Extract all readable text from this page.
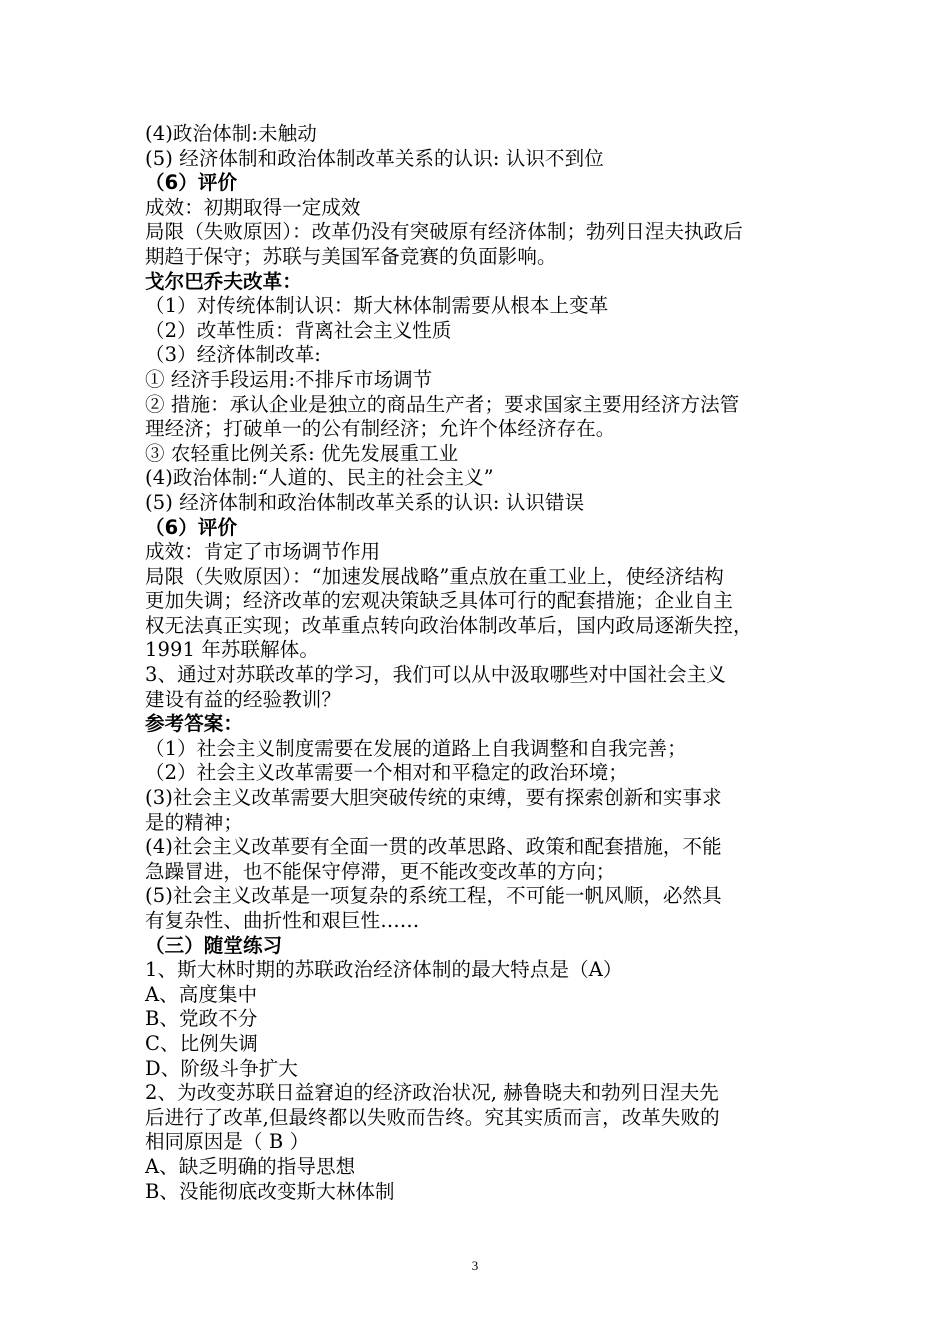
(4)政治体制:未触动
(5) 经济体制和政治体制改革关系的认识: 认识不到位
（6）评价
成效：初期取得一定成效
局限（失败原因）：改革仍没有突破原有经济体制；勃列日涅夫执政后
期趋于保守；苏联与美国军备竞赛的负面影响。
戈尔巴乔夫改革：
（1）对传统体制认识：斯大林体制需要从根本上变革
（2）改革性质：背离社会主义性质
（3）经济体制改革:
① 经济手段运用:不排斥市场调节
② 措施：承认企业是独立的商品生产者；要求国家主要用经济方法管
理经济；打破单一的公有制经济；允许个体经济存在。
③ 农轻重比例关系: 优先发展重工业
(4)政治体制:“人道的、民主的社会主义”
(5) 经济体制和政治体制改革关系的认识: 认识错误
（6）评价
成效：肯定了市场调节作用
局限（失败原因）：“加速发展战略”重点放在重工业上，使经济结构
更加失调；经济改革的宏观决策缺乏具体可行的配套措施；企业自主
权无法真正实现；改革重点转向政治体制改革后，国内政局逐渐失控，
1991 年苏联解体。
3、通过对苏联改革的学习，我们可以从中汲取哪些对中国社会主义
建设有益的经验教训？
参考答案：
（1）社会主义制度需要在发展的道路上自我调整和自我完善；
（2）社会主义改革需要一个相对和平稳定的政治环境；
(3)社会主义改革需要大胆突破传统的束缚，要有探索创新和实事求
是的精神；
(4)社会主义改革要有全面一贯的改革思路、政策和配套措施，不能
急躁冒进，也不能保守停滞，更不能改变改革的方向；
(5)社会主义改革是一项复杂的系统工程，不可能一帆风顺，必然具
有复杂性、曲折性和艰巨性……
（三）随堂练习
1、斯大林时期的苏联政治经济体制的最大特点是（A）
A、高度集中
B、党政不分
C、比例失调
D、阶级斗争扩大
2、为改变苏联日益窘迫的经济政治状况, 赫鲁晓夫和勃列日涅夫先
后进行了改革,但最终都以失败而告终。究其实质而言，改革失败的
相同原因是（ B ）
A、缺乏明确的指导思想
B、没能彻底改变斯大林体制
3
